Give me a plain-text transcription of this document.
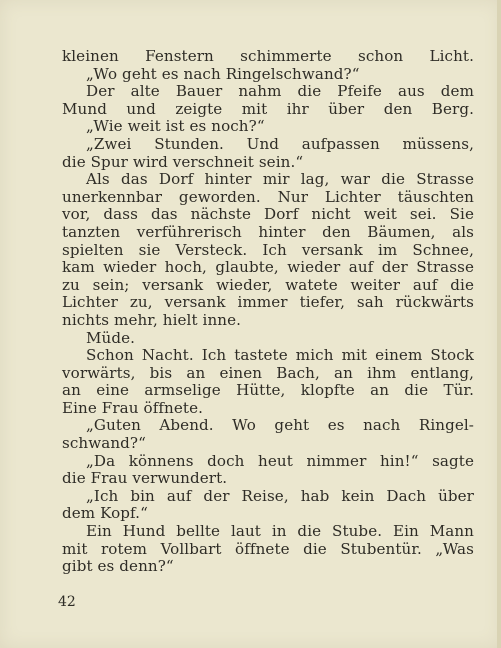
kleinen Fenstern schimmerte schon Licht.
„Wo geht es nach Ringelschwand?“
Der alte Bauer nahm die Pfeife aus dem
Mund und zeigte mit ihr über den Berg.
„Wie weit ist es noch?“
„Zwei Stunden. Und aufpassen müssens,
die Spur wird verschneit sein.“
Als das Dorf hinter mir lag, war die Strasse
unerkennbar geworden. Nur Lichter täuschten
vor, dass das nächste Dorf nicht weit sei. Sie
tanzten verführerisch hinter den Bäumen, als
spielten sie Versteck. Ich versank im Schnee,
kam wieder hoch, glaubte, wieder auf der Strasse
zu sein; versank wieder, watete weiter auf die
Lichter zu, versank immer tiefer, sah rückwärts
nichts mehr, hielt inne.
Müde.
Schon Nacht. Ich tastete mich mit einem Stock
vorwärts, bis an einen Bach, an ihm entlang,
an eine armselige Hütte, klopfte an die Tür.
Eine Frau öffnete.
„Guten Abend. Wo geht es nach Ringel-
schwand?“
„Da könnens doch heut nimmer hin!“ sagte
die Frau verwundert.
„Ich bin auf der Reise, hab kein Dach über
dem Kopf.“
Ein Hund bellte laut in die Stube. Ein Mann
mit rotem Vollbart öffnete die Stubentür. „Was
gibt es denn?“
42
